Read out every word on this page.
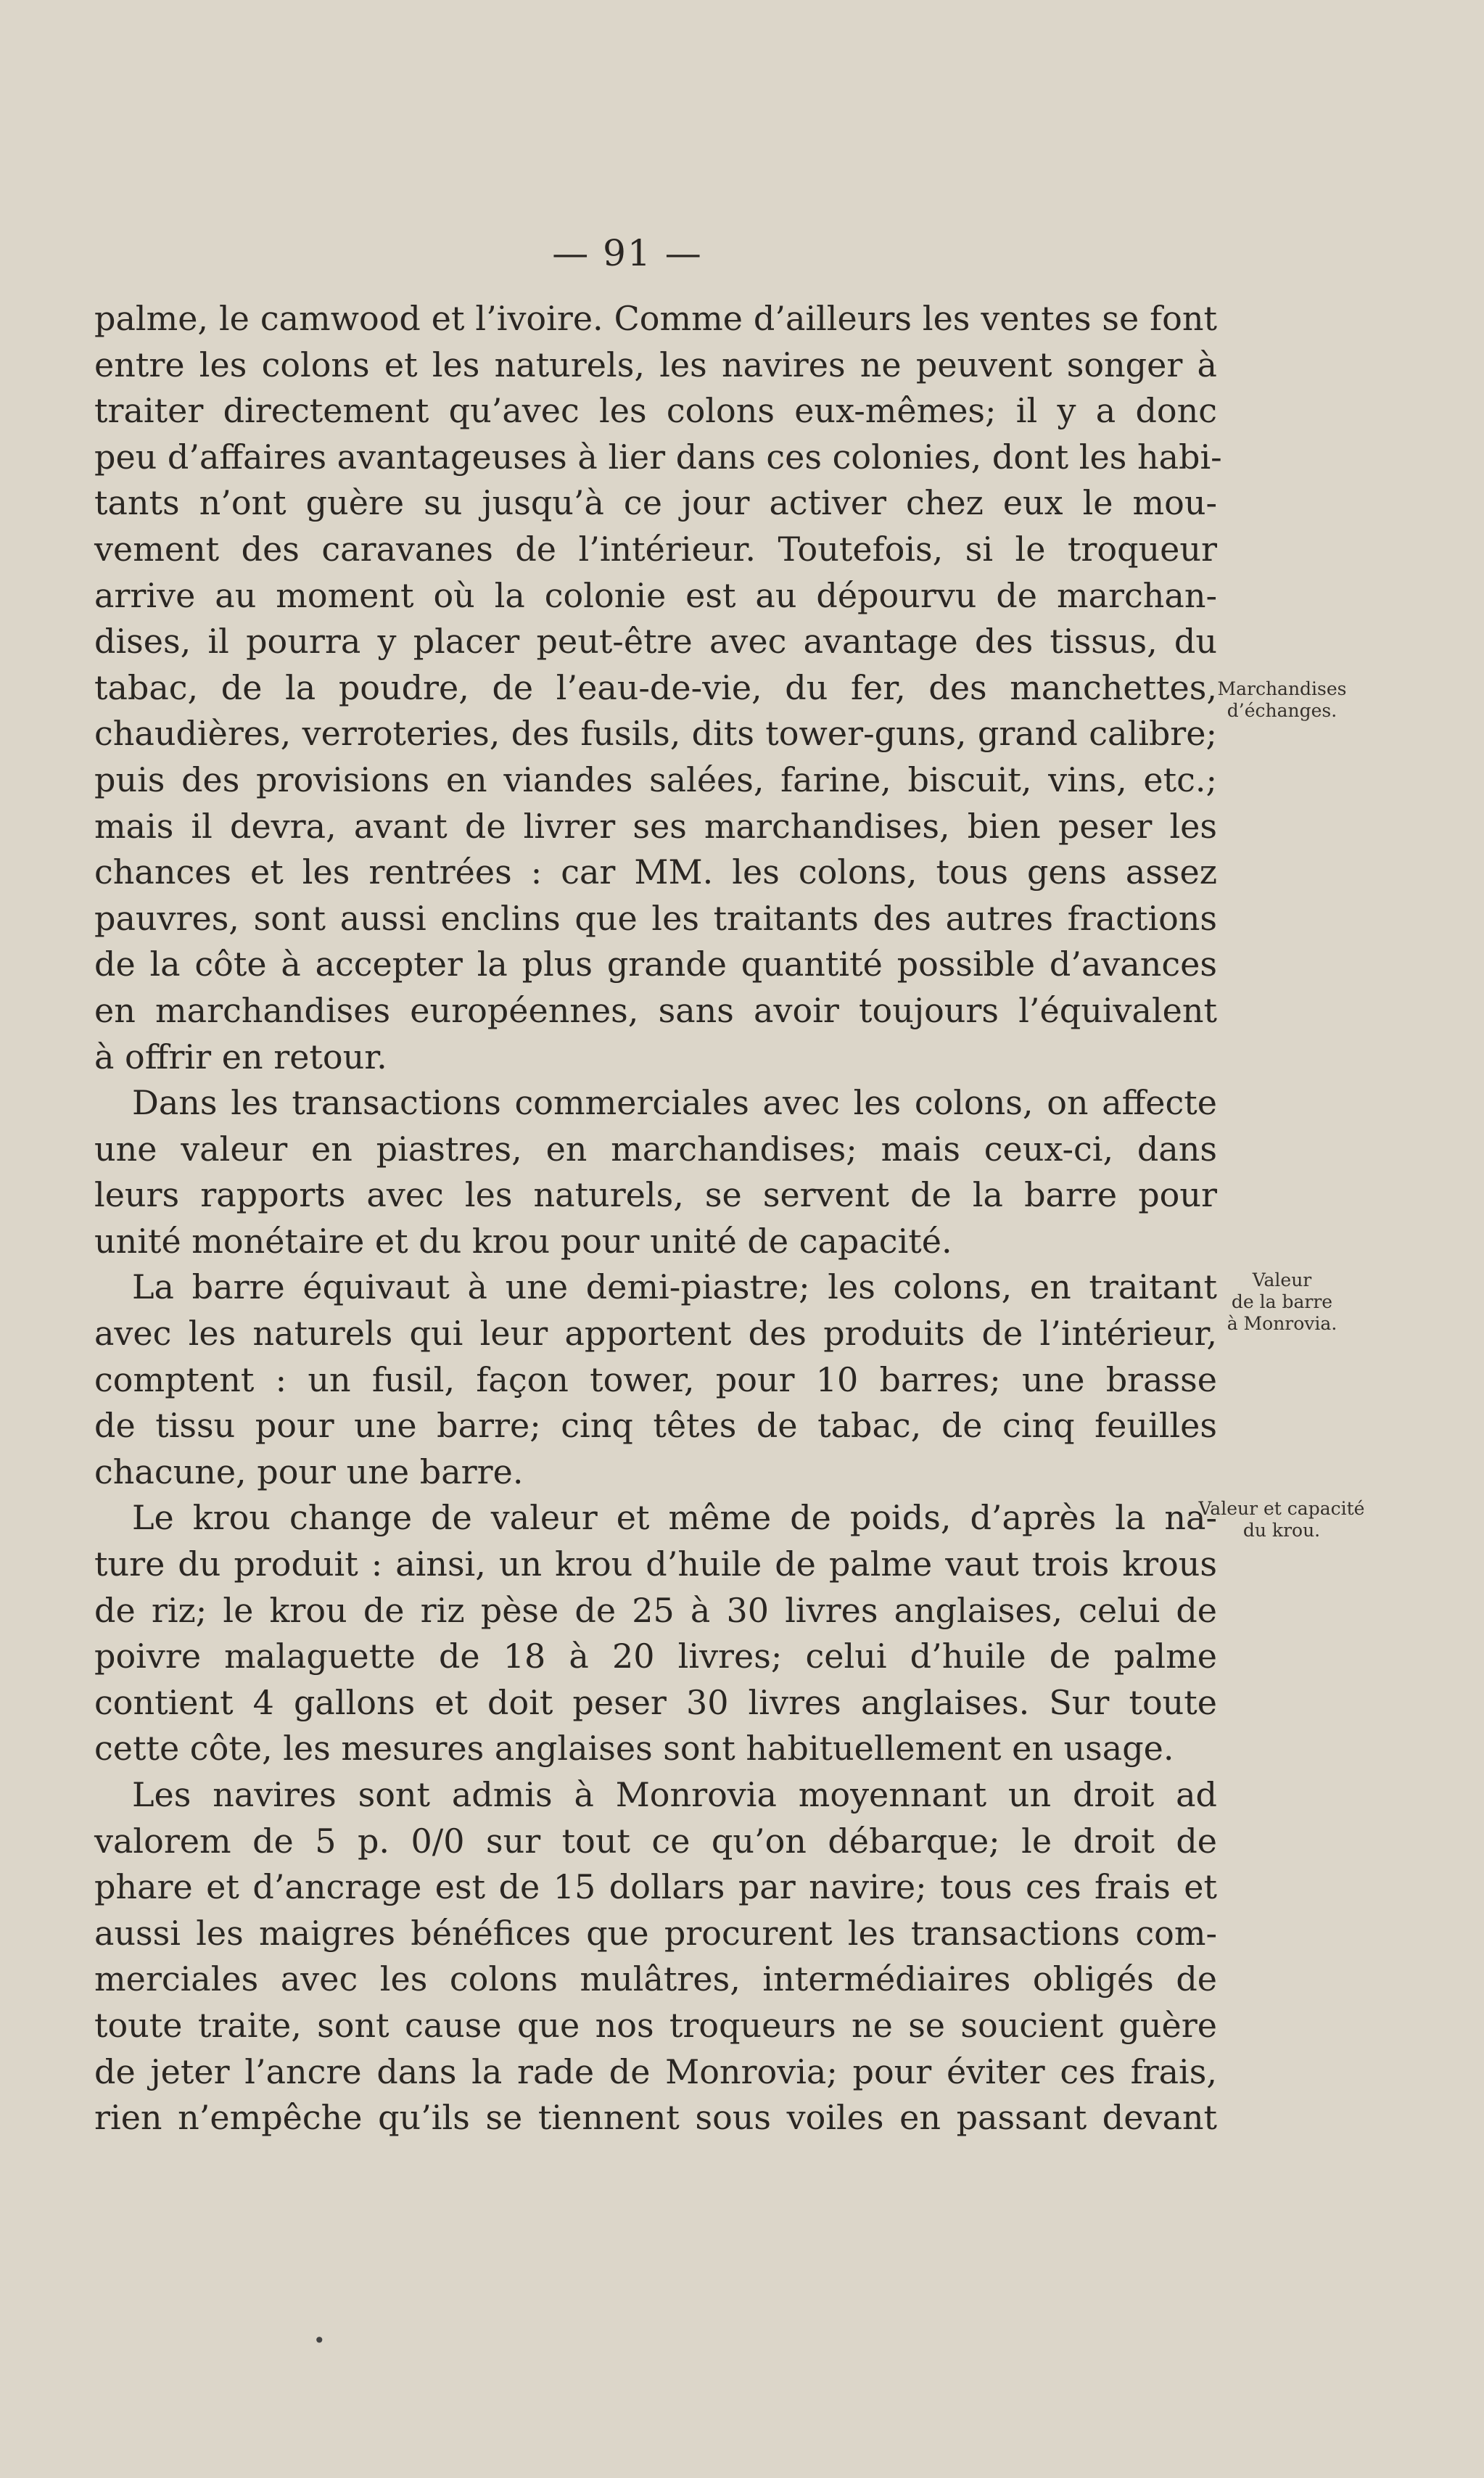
— 91 —
palme, le camwood et l’ivoire. Comme d’ailleurs les ventes se font
entre les colons et les naturels, les navires ne peuvent songer à
traiter directement qu’avec les colons eux-mêmes; il y a donc
peu d’affaires avantageuses à lier dans ces colonies, dont les habi-
tants n’ont guère su jusqu’à ce jour activer chez eux le mou-
vement des caravanes de l’intérieur. Toutefois, si le troqueur
arrive au moment où la colonie est au dépourvu de marchan-
dises, il pourra y placer peut-être avec avantage des tissus, du
tabac, de la poudre, de l’eau-de-vie, du fer, des manchettes,
chaudières, verroteries, des fusils, dits tower-guns, grand calibre;
puis des provisions en viandes salées, farine, biscuit, vins, etc.;
mais il devra, avant de livrer ses marchandises, bien peser les
chances et les rentrées : car MM. les colons, tous gens assez
pauvres, sont aussi enclins que les traitants des autres fractions
de la côte à accepter la plus grande quantité possible d’avances
en marchandises européennes, sans avoir toujours l’équivalent
à offrir en retour.
Dans les transactions commerciales avec les colons, on affecte
une valeur en piastres, en marchandises; mais ceux-ci, dans
leurs rapports avec les naturels, se servent de la barre pour
unité monétaire et du krou pour unité de capacité.
La barre équivaut à une demi-piastre; les colons, en traitant
avec les naturels qui leur apportent des produits de l’intérieur,
comptent : un fusil, façon tower, pour 10 barres; une brasse
de tissu pour une barre; cinq têtes de tabac, de cinq feuilles
chacune, pour une barre.
Le krou change de valeur et même de poids, d’après la na-
ture du produit : ainsi, un krou d’huile de palme vaut trois krous
de riz; le krou de riz pèse de 25 à 30 livres anglaises, celui de
poivre malaguette de 18 à 20 livres; celui d’huile de palme
contient 4 gallons et doit peser 30 livres anglaises. Sur toute
cette côte, les mesures anglaises sont habituellement en usage.
Les navires sont admis à Monrovia moyennant un droit ad
valorem de 5 p. 0/0 sur tout ce qu’on débarque; le droit de
phare et d’ancrage est de 15 dollars par navire; tous ces frais et
aussi les maigres bénéfices que procurent les transactions com-
merciales avec les colons mulâtres, intermédiaires obligés de
toute traite, sont cause que nos troqueurs ne se soucient guère
de jeter l’ancre dans la rade de Monrovia; pour éviter ces frais,
rien n’empêche qu’ils se tiennent sous voiles en passant devant
Marchandises
d’échanges.
Valeur
de la barre
à Monrovia.
Valeur et capacité
du krou.
•
